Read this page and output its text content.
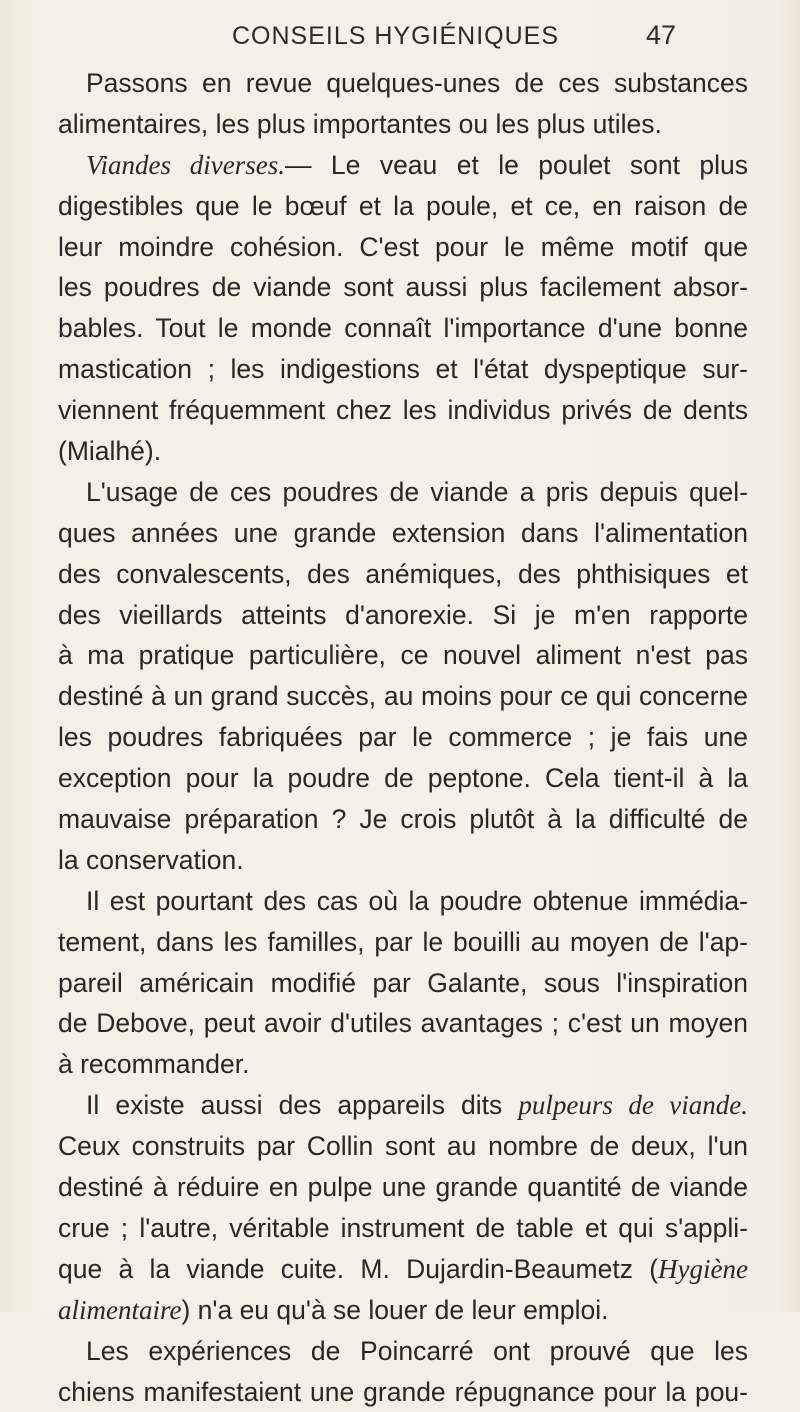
CONSEILS HYGIÉNIQUES	47
Passons en revue quelques-unes de ces substances
alimentaires, les plus importantes ou les plus utiles.
Viandes diverses.— Le veau et le poulet sont plus
digestibles que le bœuf et la poule, et ce, en raison de
leur moindre cohésion. C'est pour le même motif que
les poudres de viande sont aussi plus facilement absor-
bables. Tout le monde connaît l'importance d'une bonne
mastication ; les indigestions et l'état dyspeptique sur-
viennent fréquemment chez les individus privés de dents
(Mialhé).
L'usage de ces poudres de viande a pris depuis quel-
ques années une grande extension dans l'alimentation
des convalescents, des anémiques, des phthisiques et
des vieillards atteints d'anorexie. Si je m'en rapporte
à ma pratique particulière, ce nouvel aliment n'est pas
destiné à un grand succès, au moins pour ce qui concerne
les poudres fabriquées par le commerce ; je fais une
exception pour la poudre de peptone. Cela tient-il à la
mauvaise préparation ? Je crois plutôt à la difficulté de
la conservation.
Il est pourtant des cas où la poudre obtenue immédia-
tement, dans les familles, par le bouilli au moyen de l'ap-
pareil américain modifié par Galante, sous l'inspiration
de Debove, peut avoir d'utiles avantages ; c'est un moyen
à recommander.
Il existe aussi des appareils dits pulpeurs de viande.
Ceux construits par Collin sont au nombre de deux, l'un
destiné à réduire en pulpe une grande quantité de viande
crue ; l'autre, véritable instrument de table et qui s'appli-
que à la viande cuite. M. Dujardin-Beaumetz (Hygiène
alimentaire) n'a eu qu'à se louer de leur emploi.
Les expériences de Poincarré ont prouvé que les
chiens manifestaient une grande répugnance pour la pou-
